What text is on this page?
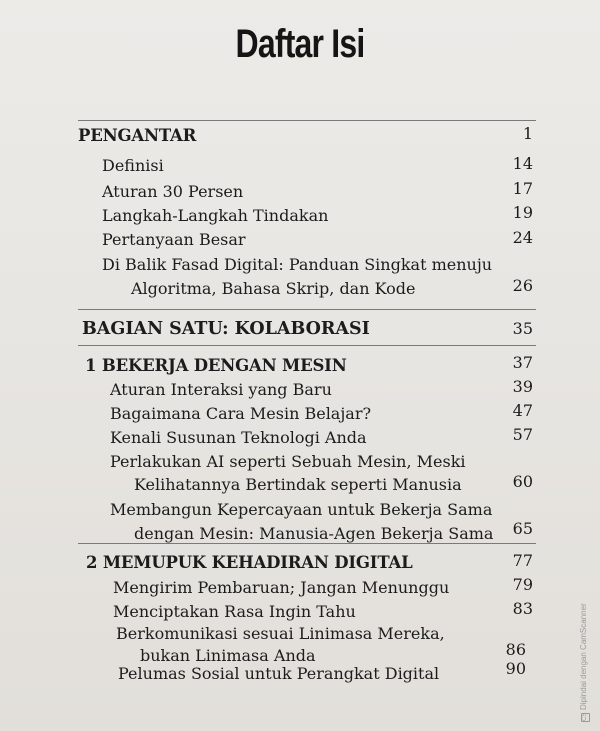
Daftar Isi
PENGANTAR	1
Definisi	14
Aturan 30 Persen	17
Langkah-Langkah Tindakan	19
Pertanyaan Besar	24
Di Balik Fasad Digital: Panduan Singkat menuju
Algoritma, Bahasa Skrip, dan Kode	26
BAGIAN SATU: KOLABORASI	35
1 BEKERJA DENGAN MESIN	37
Aturan Interaksi yang Baru	39
Bagaimana Cara Mesin Belajar?	47
Kenali Susunan Teknologi Anda	57
Perlakukan AI seperti Sebuah Mesin, Meski
Kelihatannya Bertindak seperti Manusia	60
Membangun Kepercayaan untuk Bekerja Sama
dengan Mesin: Manusia-Agen Bekerja Sama	65
2 MEMUPUK KEHADIRAN DIGITAL	77
Mengirim Pembaruan; Jangan Menunggu	79
Menciptakan Rasa Ingin Tahu	83
Berkomunikasi sesuai Linimasa Mereka,
bukan Linimasa Anda	86
Pelumas Sosial untuk Perangkat Digital	90
CSDipindai dengan CamScanner
